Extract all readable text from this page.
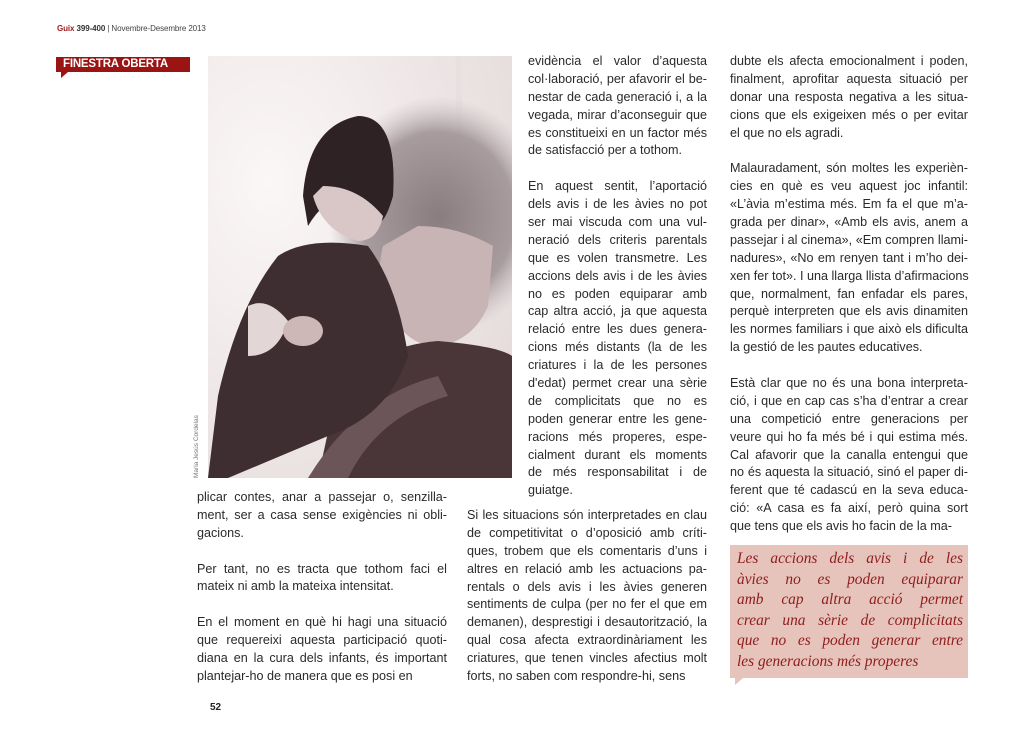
Guix 399-400 | Novembre-Desembre 2013
FINESTRA OBERTA
Maria Jesús Cordelas

plicar contes, anar a passejar o, senzilla-
ment, ser a casa sense exigències ni obli-
gacions.

Per tant, no es tracta que tothom faci el
mateix ni amb la mateixa intensitat.

En el moment en què hi hagi una situació
que requereixi aquesta participació quoti-
diana en la cura dels infants, és important
plantejar-ho de manera que es posi en

evidència el valor d’aquesta
col·laboració, per afavorir el be-
nestar de cada generació i, a la
vegada, mirar d’aconseguir que
es constitueixi en un factor més
de satisfacció per a tothom.

En aquest sentit, l’aportació
dels avis i de les àvies no pot
ser mai viscuda com una vul-
neració dels criteris parentals
que es volen transmetre. Les
accions dels avis i de les àvies
no es poden equiparar amb
cap altra acció, ja que aquesta
relació entre les dues genera-
cions més distants (la de les
criatures i la de les persones
d'edat) permet crear una sèrie
de complicitats que no es
poden generar entre les gene-
racions més properes, espe-
cialment durant els moments
de més responsabilitat i de
guiatge.

Si les situacions són interpretades en clau
de competitivitat o d’oposició amb críti-
ques, trobem que els comentaris d’uns i
altres en relació amb les actuacions pa-
rentals o dels avis i les àvies generen
sentiments de culpa (per no fer el que em
demanen), desprestigi i desautorització, la
qual cosa afecta extraordinàriament les
criatures, que tenen vincles afectius molt
forts, no saben com respondre-hi, sens

dubte els afecta emocionalment i poden,
finalment, aprofitar aquesta situació per
donar una resposta negativa a les situa-
cions que els exigeixen més o per evitar
el que no els agradi.

Malauradament, són moltes les experièn-
cies en què es veu aquest joc infantil:
«L’àvia m’estima més. Em fa el que m’a-
grada per dinar», «Amb els avis, anem a
passejar i al cinema», «Em compren llami-
nadures», «No em renyen tant i m’ho dei-
xen fer tot». I una llarga llista d’afirmacions
que, normalment, fan enfadar els pares,
perquè interpreten que els avis dinamiten
les normes familiars i que això els dificulta
la gestió de les pautes educatives.

Està clar que no és una bona interpreta-
ció, i que en cap cas s’ha d’entrar a crear
una competició entre generacions per
veure qui ho fa més bé i qui estima més.
Cal afavorir que la canalla entengui que
no és aquesta la situació, sinó el paper di-
ferent que té cadascú en la seva educa-
ció: «A casa es fa així, però quina sort
que tens que els avis ho facin de la ma-

Les accions dels avis i de les
àvies no es poden equiparar
amb cap altra acció permet
crear una sèrie de complicitats
que no es poden generar entre
les generacions més properes
52
